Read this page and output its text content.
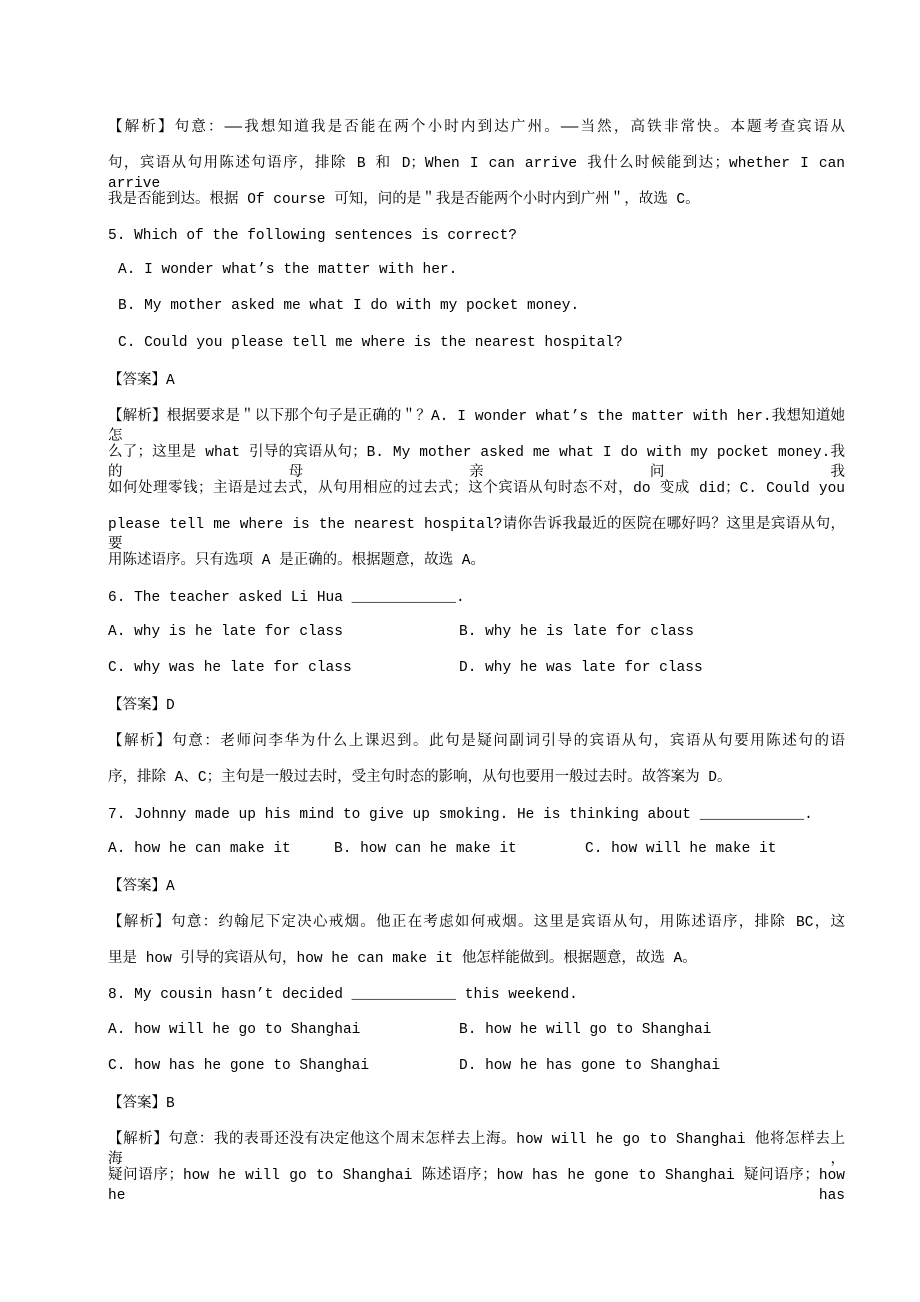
【解析】句意：——我想知道我是否能在两个小时内到达广州。——当然，高铁非常快。本题考查宾语从
句，宾语从句用陈述句语序，排除 B 和 D；When I can arrive 我什么时候能到达；whether I can arrive
我是否能到达。根据 Of course 可知，问的是＂我是否能两个小时内到广州＂，故选 C。
5. Which of the following sentences is correct?
A. I wonder what’s the matter with her.
B. My mother asked me what I do with my pocket money.
C. Could you please tell me where is the nearest hospital?
【答案】A
【解析】根据要求是＂以下那个句子是正确的＂？A. I wonder what’s the matter with her.我想知道她怎
么了；这里是 what 引导的宾语从句；B. My mother asked me what I do with my pocket money.我的母亲问我
如何处理零钱；主语是过去式，从句用相应的过去式；这个宾语从句时态不对，do 变成 did；C. Could you
please tell me where is the nearest hospital?请你告诉我最近的医院在哪好吗？这里是宾语从句，要
用陈述语序。只有选项 A 是正确的。根据题意，故选 A。
6. The teacher asked Li Hua ____________.
A. why is he late for class	B. why he is late for class
C. why was he late for class	D. why he was late for class
【答案】D
【解析】句意：老师问李华为什么上课迟到。此句是疑问副词引导的宾语从句，宾语从句要用陈述句的语
序，排除 A、C；主句是一般过去时，受主句时态的影响，从句也要用一般过去时。故答案为 D。
7. Johnny made up his mind to give up smoking. He is thinking about ____________.
A. how he can make it	B. how can he make it	C. how will he make it
【答案】A
【解析】句意：约翰尼下定决心戒烟。他正在考虑如何戒烟。这里是宾语从句，用陈述语序，排除 BC，这
里是 how 引导的宾语从句，how he can make it 他怎样能做到。根据题意，故选 A。
8. My cousin hasn’t decided ____________ this weekend.
A. how will he go to Shanghai	B. how he will go to Shanghai
C. how has he gone to Shanghai	D. how he has gone to Shanghai
【答案】B
【解析】句意：我的表哥还没有决定他这个周末怎样去上海。how will he go to Shanghai 他将怎样去上海，
疑问语序；how he will go to Shanghai 陈述语序；how has he gone to Shanghai 疑问语序；how he has
